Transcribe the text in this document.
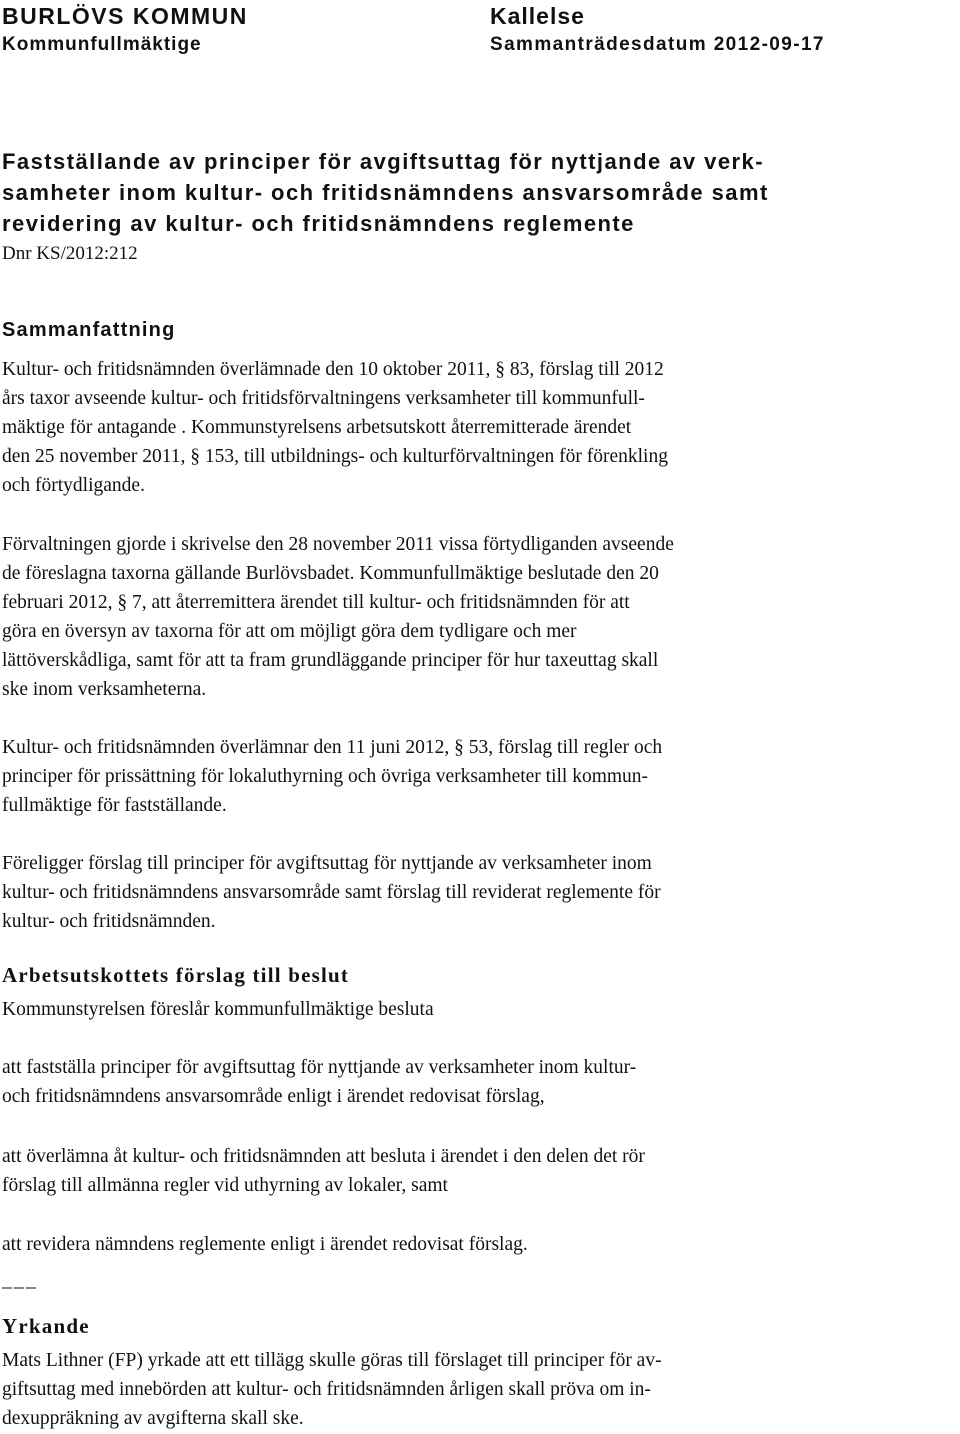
BURLÖVS KOMMUN
Kommunfullmäktige
Kallelse
Sammanträdesdatum 2012-09-17
Fastställande av principer för avgiftsuttag för nyttjande av verk-
samheter inom kultur- och fritidsnämndens ansvarsområde samt
revidering av kultur- och fritidsnämndens reglemente
Dnr KS/2012:212
Sammanfattning
Kultur- och fritidsnämnden överlämnade den 10 oktober 2011, § 83, förslag till 2012
års taxor avseende kultur- och fritidsförvaltningens verksamheter till kommunfull-
mäktige för antagande . Kommunstyrelsens arbetsutskott återremitterade ärendet
den 25 november 2011, § 153, till utbildnings- och kulturförvaltningen för förenkling
och förtydligande.
Förvaltningen gjorde i skrivelse den 28 november 2011 vissa förtydliganden avseende
de föreslagna taxorna gällande Burlövsbadet. Kommunfullmäktige beslutade den 20
februari 2012, § 7, att återremittera ärendet till kultur- och fritidsnämnden för att
göra en översyn av taxorna för att om möjligt göra dem tydligare och mer
lättöverskådliga, samt för att ta fram grundläggande principer för hur taxeuttag skall
ske inom verksamheterna.
Kultur- och fritidsnämnden överlämnar den 11 juni 2012, § 53, förslag till regler och
principer för prissättning för lokaluthyrning och övriga verksamheter till kommun-
fullmäktige för fastställande.
Föreligger förslag till principer för avgiftsuttag för nyttjande av verksamheter inom
kultur- och fritidsnämndens ansvarsområde samt förslag till reviderat reglemente för
kultur- och fritidsnämnden.
Arbetsutskottets förslag till beslut
Kommunstyrelsen föreslår kommunfullmäktige besluta
att fastställa principer för avgiftsuttag för nyttjande av verksamheter inom kultur-
och fritidsnämndens ansvarsområde enligt i ärendet redovisat förslag,
att överlämna åt kultur- och fritidsnämnden att besluta i ärendet i den delen det rör
förslag till allmänna regler vid uthyrning av lokaler, samt
att revidera nämndens reglemente enligt i ärendet redovisat förslag.
___
Yrkande
Mats Lithner (FP) yrkade att ett tillägg skulle göras till förslaget till principer för av-
giftsuttag med innebörden att kultur- och fritidsnämnden årligen skall pröva om in-
dexuppräkning av avgifterna skall ske.
